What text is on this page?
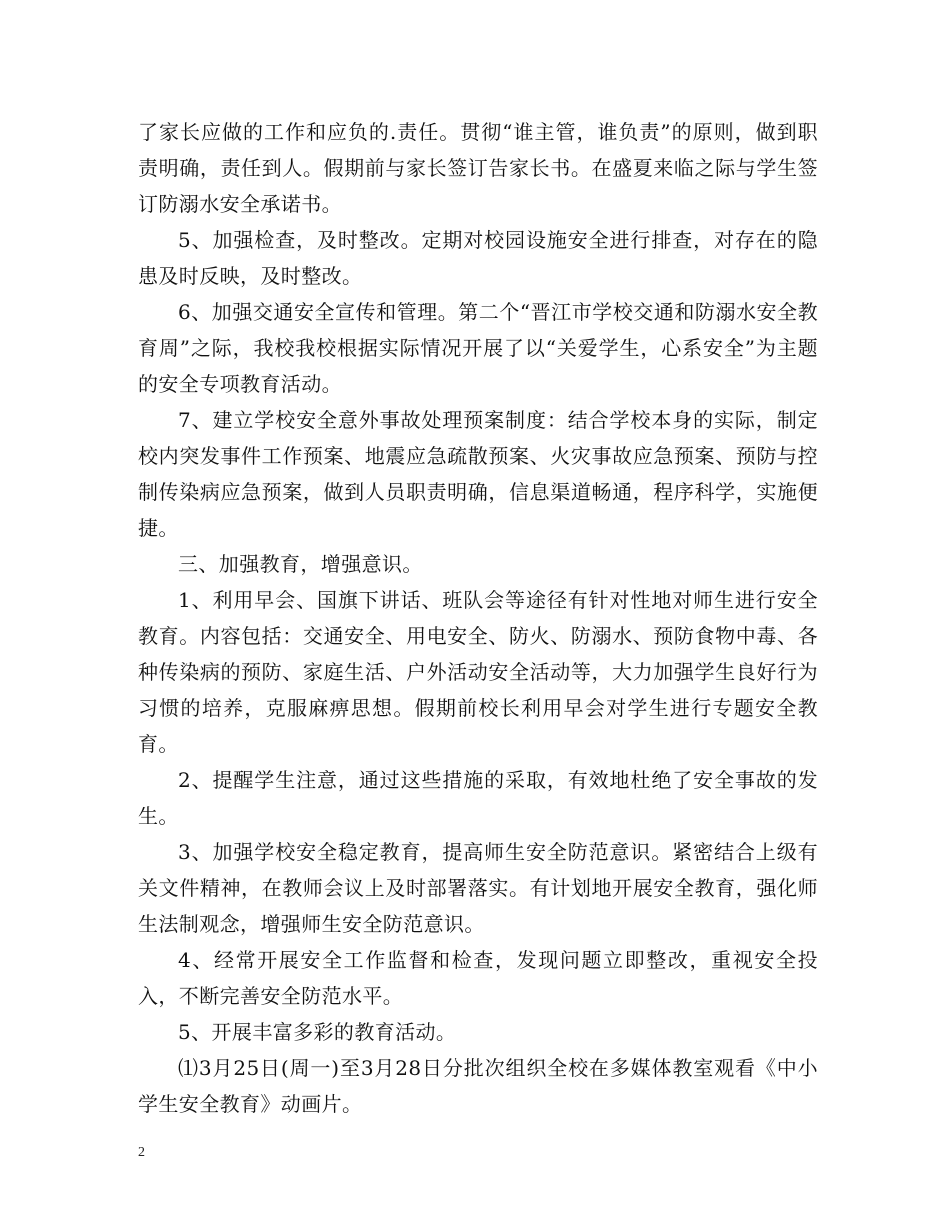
了家长应做的工作和应负的.责任。贯彻“谁主管，谁负责”的原则，做到职责明确，责任到人。假期前与家长签订告家长书。在盛夏来临之际与学生签订防溺水安全承诺书。

5、加强检查，及时整改。定期对校园设施安全进行排查，对存在的隐患及时反映，及时整改。

6、加强交通安全宣传和管理。第二个“晋江市学校交通和防溺水安全教育周”之际，我校我校根据实际情况开展了以“关爱学生，心系安全”为主题的安全专项教育活动。

7、建立学校安全意外事故处理预案制度：结合学校本身的实际，制定校内突发事件工作预案、地震应急疏散预案、火灾事故应急预案、预防与控制传染病应急预案，做到人员职责明确，信息渠道畅通，程序科学，实施便捷。

三、加强教育，增强意识。

1、利用早会、国旗下讲话、班队会等途径有针对性地对师生进行安全教育。内容包括：交通安全、用电安全、防火、防溺水、预防食物中毒、各种传染病的预防、家庭生活、户外活动安全活动等，大力加强学生良好行为习惯的培养，克服麻痹思想。假期前校长利用早会对学生进行专题安全教育。

2、提醒学生注意，通过这些措施的采取，有效地杜绝了安全事故的发生。

3、加强学校安全稳定教育，提高师生安全防范意识。紧密结合上级有关文件精神，在教师会议上及时部署落实。有计划地开展安全教育，强化师生法制观念，增强师生安全防范意识。

4、经常开展安全工作监督和检查，发现问题立即整改，重视安全投入，不断完善安全防范水平。

5、开展丰富多彩的教育活动。

⑴3月25日(周一)至3月28日分批次组织全校在多媒体教室观看《中小学生安全教育》动画片。

2
